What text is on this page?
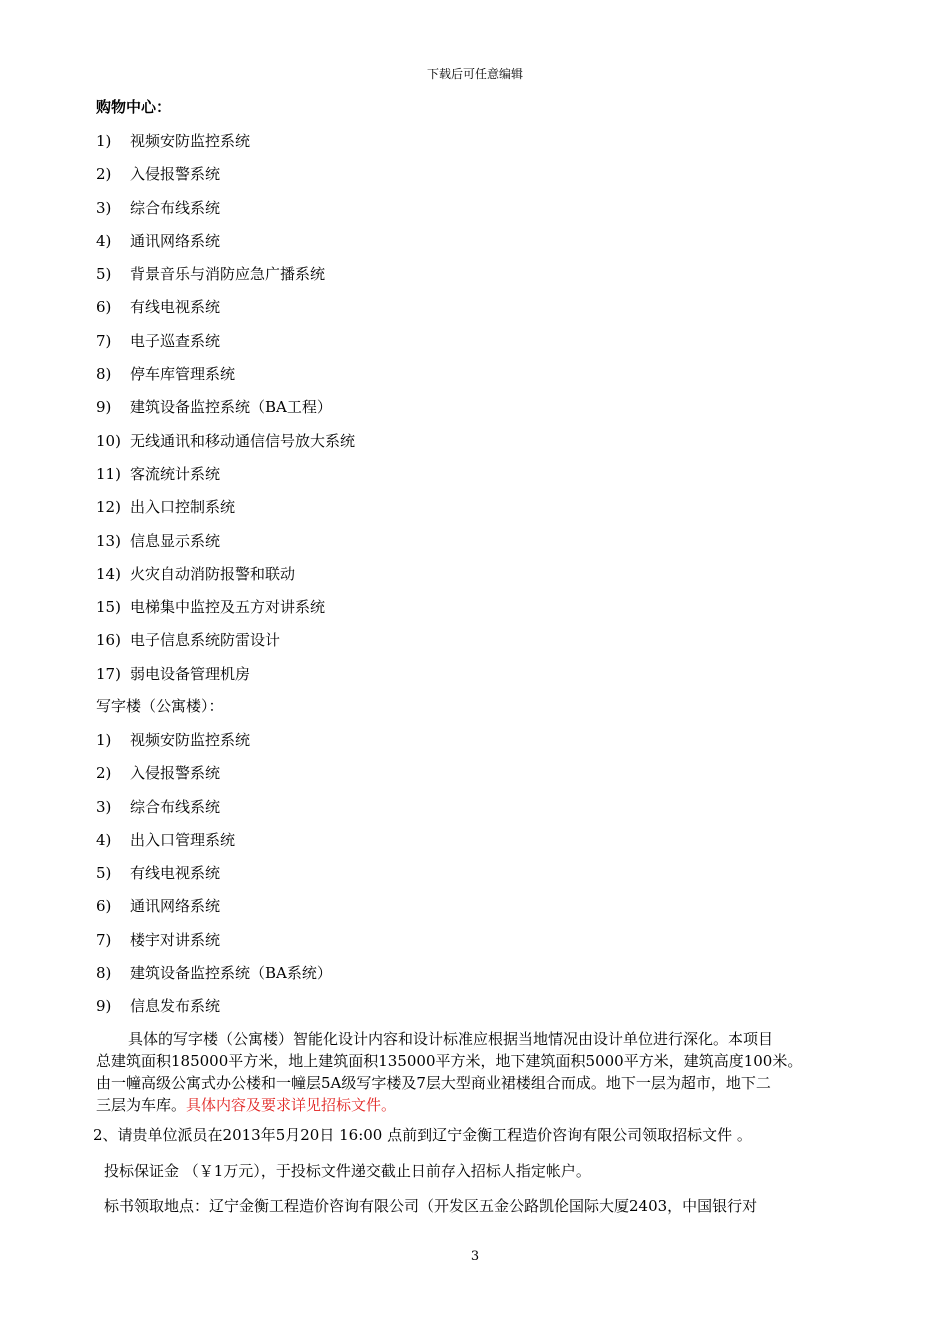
下载后可任意编辑
购物中心：
1) 视频安防监控系统
2) 入侵报警系统
3) 综合布线系统
4) 通讯网络系统
5) 背景音乐与消防应急广播系统
6) 有线电视系统
7) 电子巡查系统
8) 停车库管理系统
9) 建筑设备监控系统（BA工程）
10) 无线通讯和移动通信信号放大系统
11) 客流统计系统
12) 出入口控制系统
13) 信息显示系统
14) 火灾自动消防报警和联动
15) 电梯集中监控及五方对讲系统
16) 电子信息系统防雷设计
17) 弱电设备管理机房
写字楼（公寓楼）：
1) 视频安防监控系统
2) 入侵报警系统
3) 综合布线系统
4) 出入口管理系统
5) 有线电视系统
6) 通讯网络系统
7) 楼宇对讲系统
8) 建筑设备监控系统（BA系统）
9) 信息发布系统
具体的写字楼（公寓楼）智能化设计内容和设计标准应根据当地情况由设计单位进行深化。本项目
总建筑面积185000平方米，地上建筑面积135000平方米，地下建筑面积5000平方米，建筑高度100米。
由一幢高级公寓式办公楼和一幢层5A级写字楼及7层大型商业裙楼组合而成。地下一层为超市，地下二
三层为车库。具体内容及要求详见招标文件。
2、请贵单位派员在2013年5月20日 16:00 点前到辽宁金衡工程造价咨询有限公司领取招标文件 。
投标保证金 （￥1万元），于投标文件递交截止日前存入招标人指定帐户。
标书领取地点：辽宁金衡工程造价咨询有限公司（开发区五金公路凯伦国际大厦2403，中国银行对
3
